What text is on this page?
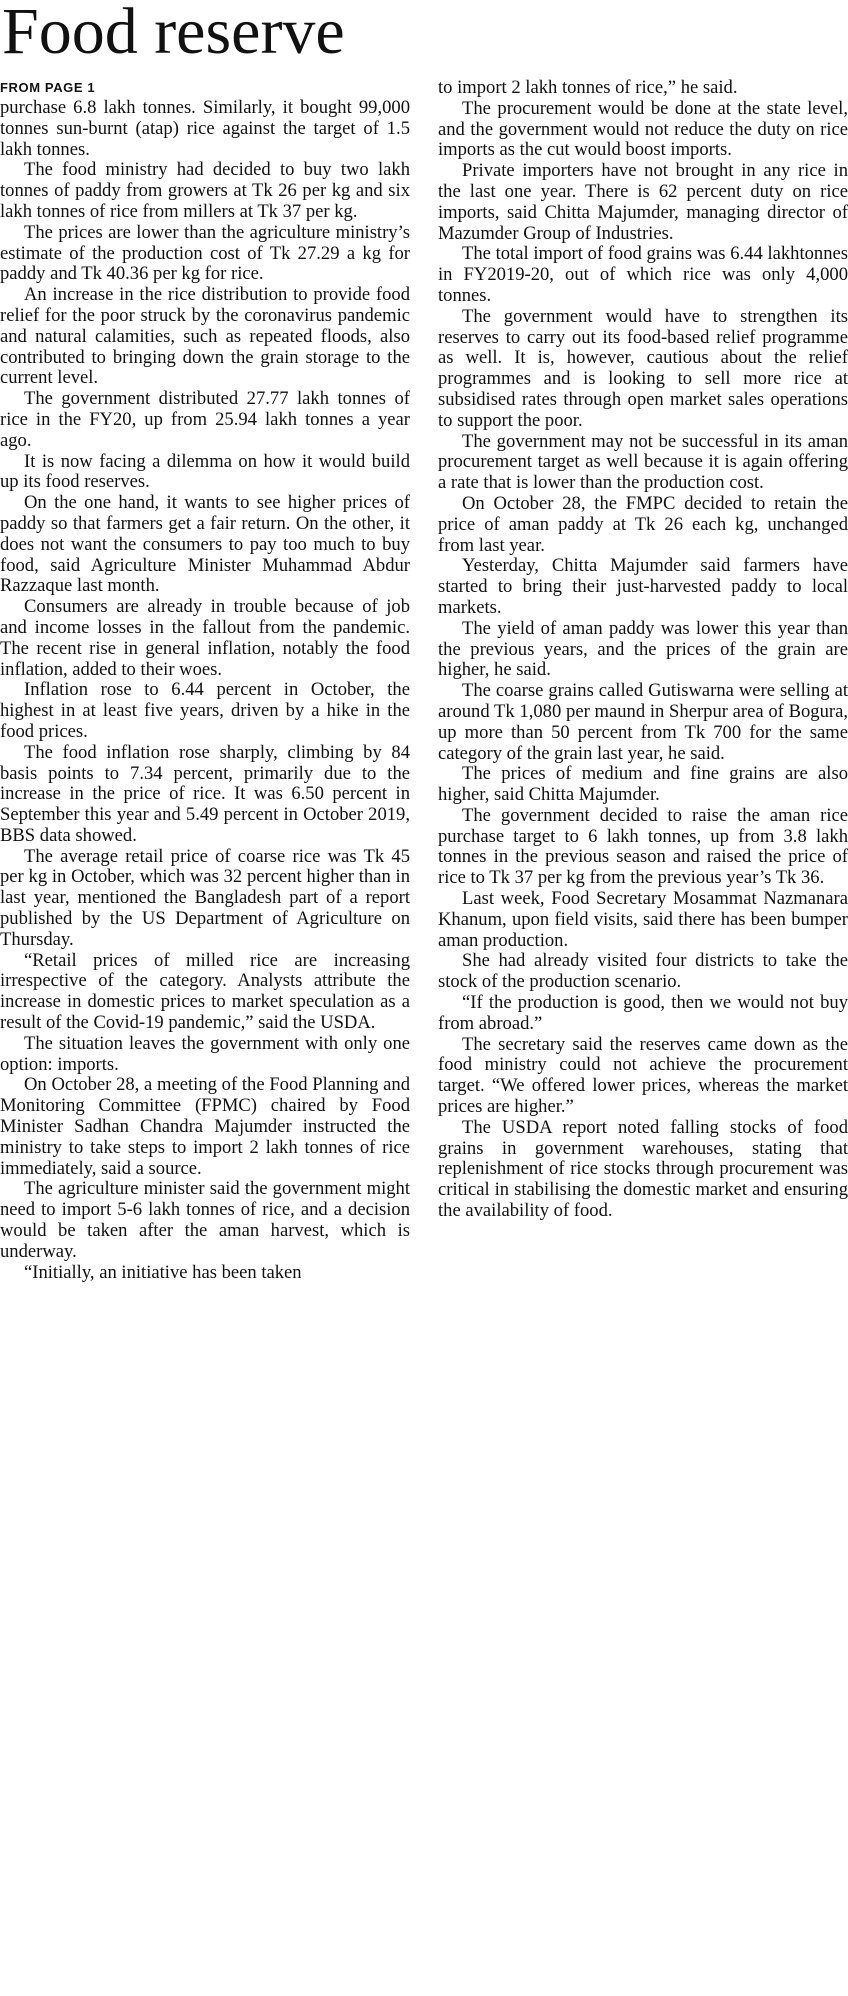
Food reserve
FROM PAGE 1

purchase 6.8 lakh tonnes. Similarly, it bought 99,000 tonnes sun-burnt (atap) rice against the target of 1.5 lakh tonnes.

The food ministry had decided to buy two lakh tonnes of paddy from growers at Tk 26 per kg and six lakh tonnes of rice from millers at Tk 37 per kg.

The prices are lower than the agriculture ministry’s estimate of the production cost of Tk 27.29 a kg for paddy and Tk 40.36 per kg for rice.

An increase in the rice distribution to provide food relief for the poor struck by the coronavirus pandemic and natural calamities, such as repeated floods, also contributed to bringing down the grain storage to the current level.

The government distributed 27.77 lakh tonnes of rice in the FY20, up from 25.94 lakh tonnes a year ago.

It is now facing a dilemma on how it would build up its food reserves.

On the one hand, it wants to see higher prices of paddy so that farmers get a fair return. On the other, it does not want the consumers to pay too much to buy food, said Agriculture Minister Muhammad Abdur Razzaque last month.

Consumers are already in trouble because of job and income losses in the fallout from the pandemic. The recent rise in general inflation, notably the food inflation, added to their woes.

Inflation rose to 6.44 percent in October, the highest in at least five years, driven by a hike in the food prices.

The food inflation rose sharply, climbing by 84 basis points to 7.34 percent, primarily due to the increase in the price of rice. It was 6.50 percent in September this year and 5.49 percent in October 2019, BBS data showed.

The average retail price of coarse rice was Tk 45 per kg in October, which was 32 percent higher than in last year, mentioned the Bangladesh part of a report published by the US Department of Agriculture on Thursday.

“Retail prices of milled rice are increasing irrespective of the category. Analysts attribute the increase in domestic prices to market speculation as a result of the Covid-19 pandemic,” said the USDA.

The situation leaves the government with only one option: imports.

On October 28, a meeting of the Food Planning and Monitoring Committee (FPMC) chaired by Food Minister Sadhan Chandra Majumder instructed the ministry to take steps to import 2 lakh tonnes of rice immediately, said a source.

The agriculture minister said the government might need to import 5-6 lakh tonnes of rice, and a decision would be taken after the aman harvest, which is underway.

“Initially, an initiative has been taken

to import 2 lakh tonnes of rice,” he said.

The procurement would be done at the state level, and the government would not reduce the duty on rice imports as the cut would boost imports.

Private importers have not brought in any rice in the last one year. There is 62 percent duty on rice imports, said Chitta Majumder, managing director of Mazumder Group of Industries.

The total import of food grains was 6.44 lakhtonnes in FY2019-20, out of which rice was only 4,000 tonnes.

The government would have to strengthen its reserves to carry out its food-based relief programme as well. It is, however, cautious about the relief programmes and is looking to sell more rice at subsidised rates through open market sales operations to support the poor.

The government may not be successful in its aman procurement target as well because it is again offering a rate that is lower than the production cost.

On October 28, the FMPC decided to retain the price of aman paddy at Tk 26 each kg, unchanged from last year.

Yesterday, Chitta Majumder said farmers have started to bring their just-harvested paddy to local markets.

The yield of aman paddy was lower this year than the previous years, and the prices of the grain are higher, he said.

The coarse grains called Gutiswarna were selling at around Tk 1,080 per maund in Sherpur area of Bogura, up more than 50 percent from Tk 700 for the same category of the grain last year, he said.

The prices of medium and fine grains are also higher, said Chitta Majumder.

The government decided to raise the aman rice purchase target to 6 lakh tonnes, up from 3.8 lakh tonnes in the previous season and raised the price of rice to Tk 37 per kg from the previous year’s Tk 36.

Last week, Food Secretary Mosammat Nazmanara Khanum, upon field visits, said there has been bumper aman production.

She had already visited four districts to take the stock of the production scenario.

“If the production is good, then we would not buy from abroad.”

The secretary said the reserves came down as the food ministry could not achieve the procurement target. “We offered lower prices, whereas the market prices are higher.”

The USDA report noted falling stocks of food grains in government warehouses, stating that replenishment of rice stocks through procurement was critical in stabilising the domestic market and ensuring the availability of food.
